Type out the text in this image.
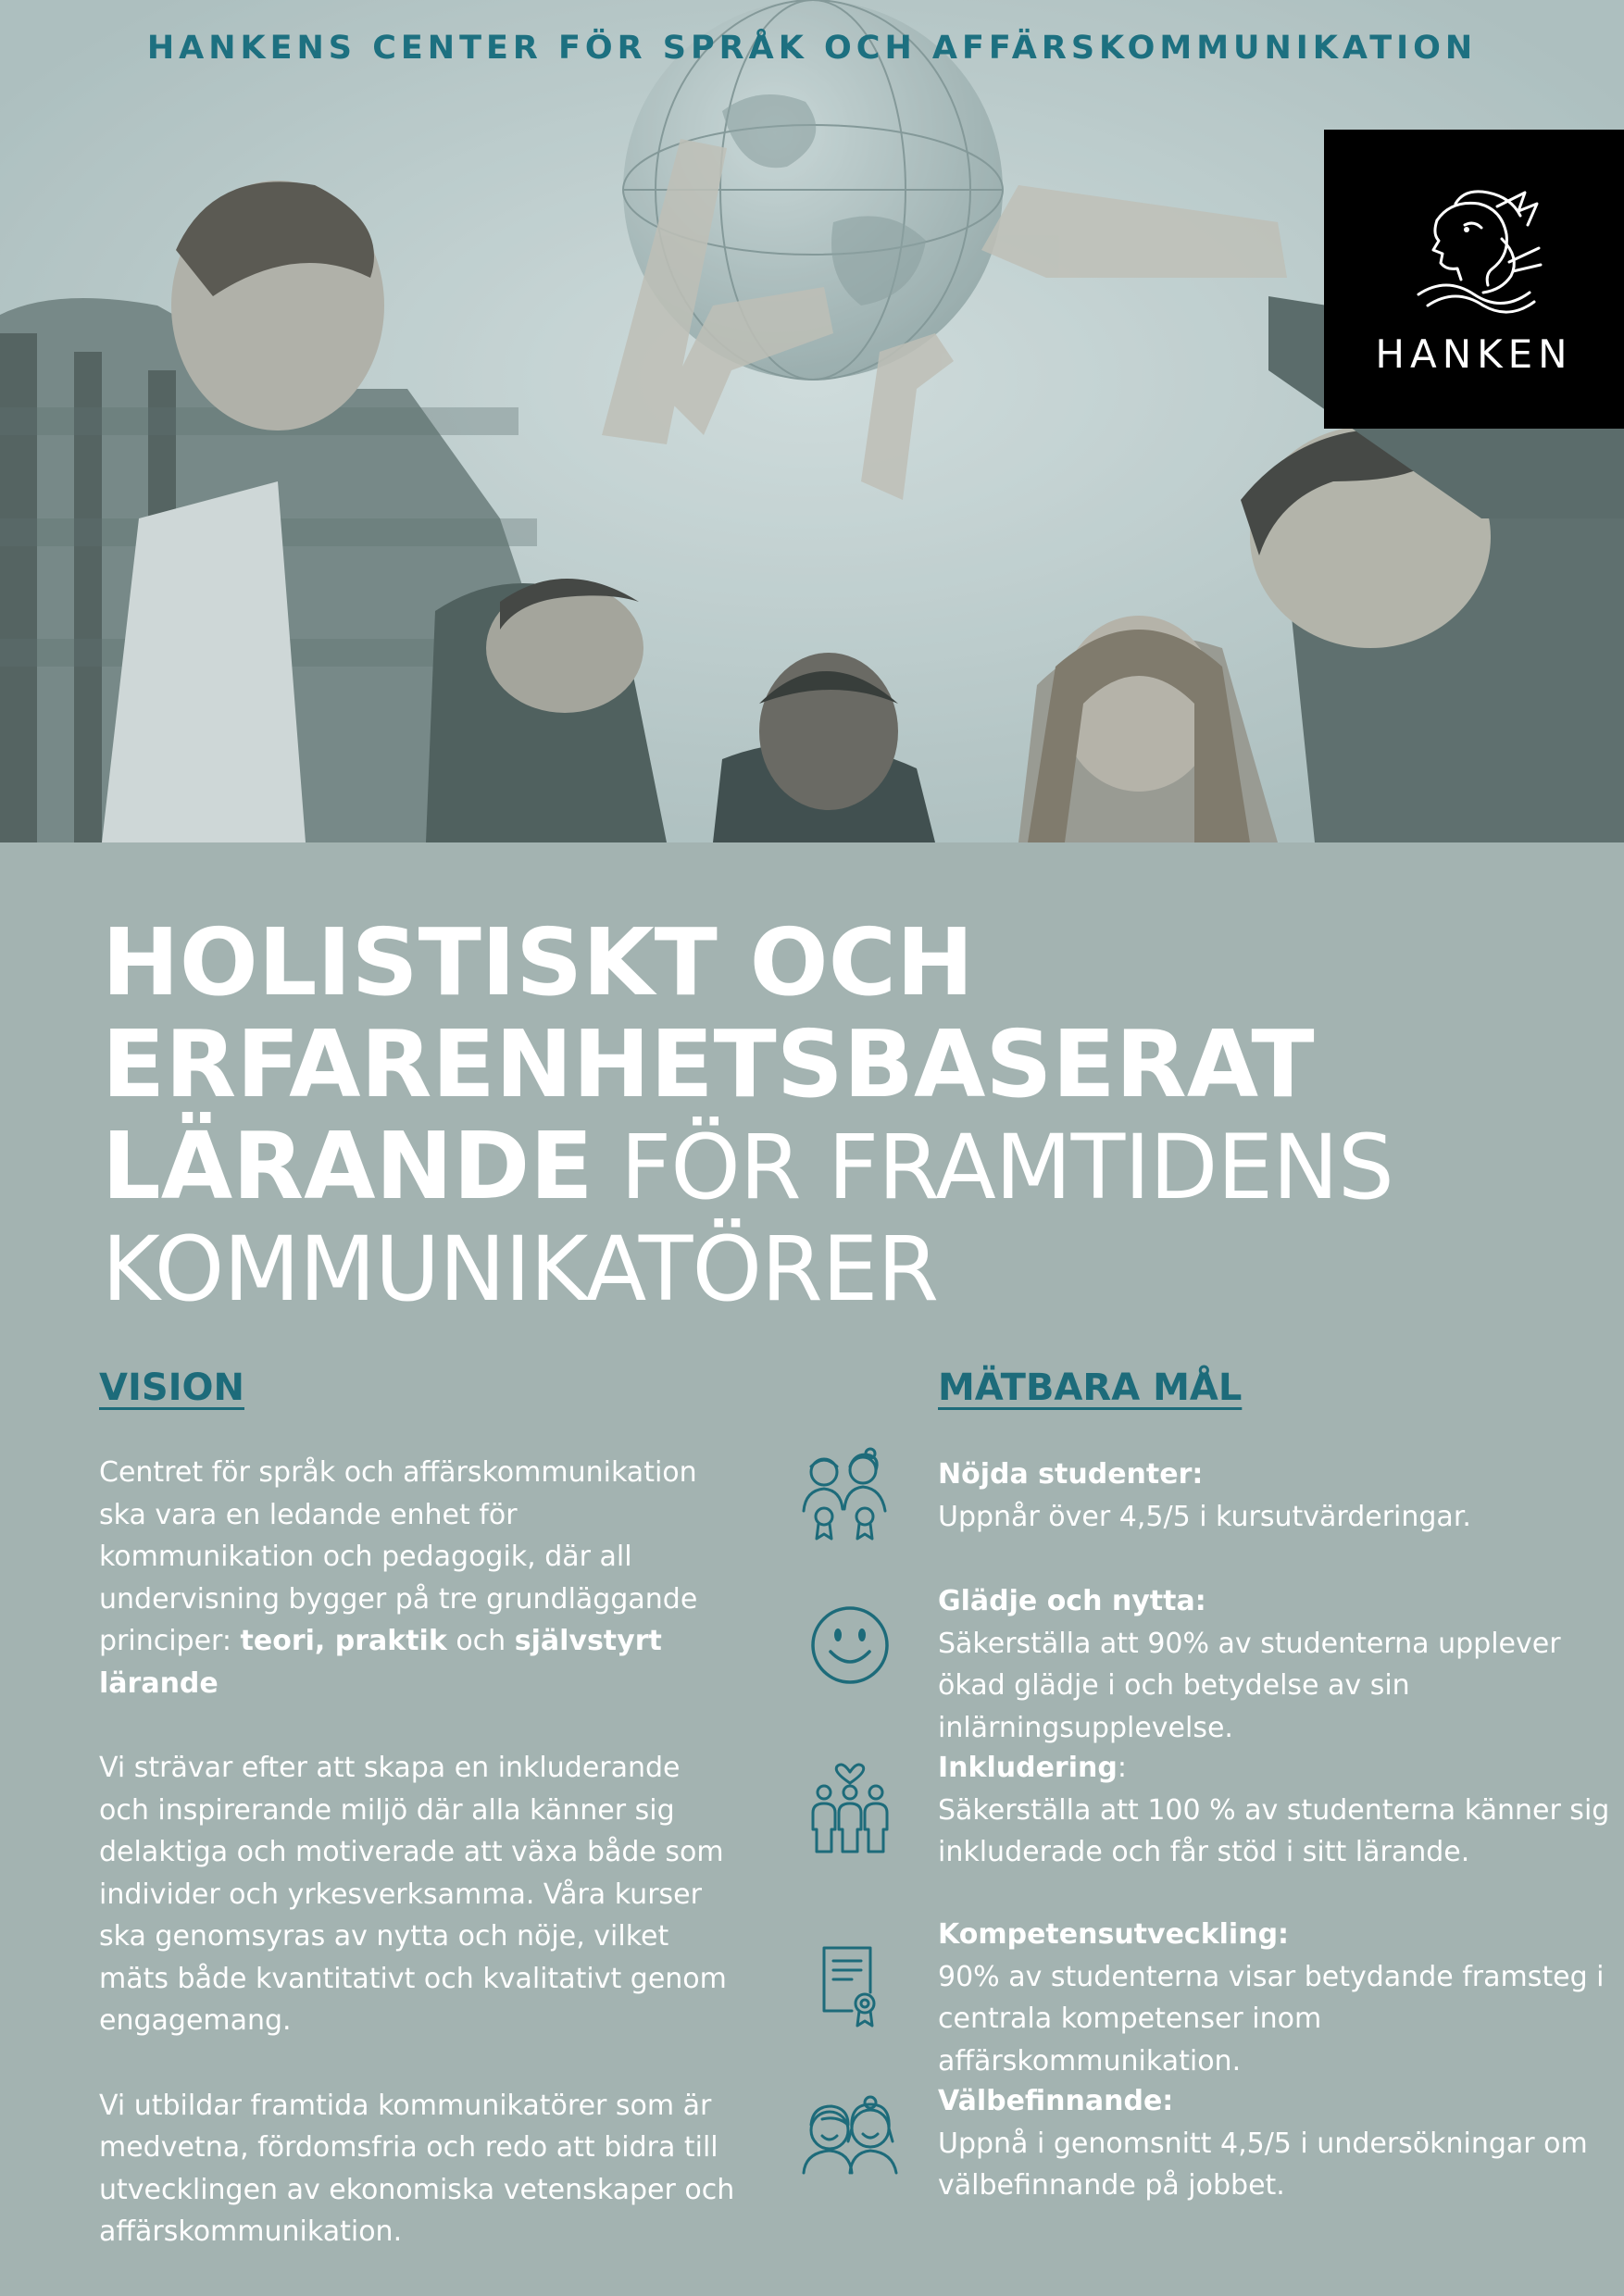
HANKENS CENTER FÖR SPRÅK OCH AFFÄRSKOMMUNIKATION
HANKEN
HOLISTISKT OCH
ERFARENHETSBASERAT
LÄRANDE FÖR FRAMTIDENS
KOMMUNIKATÖRER
VISION

Centret för språk och affärskommunikation ska vara en ledande enhet för kommunikation och pedagogik, där all undervisning bygger på tre grundläggande principer: teori, praktik och självstyrt lärande

Vi strävar efter att skapa en inkluderande och inspirerande miljö där alla känner sig delaktiga och motiverade att växa både som individer och yrkesverksamma. Våra kurser ska genomsyras av nytta och nöje, vilket mäts både kvantitativt och kvalitativt genom engagemang.

Vi utbildar framtida kommunikatörer som är medvetna, fördomsfria och redo att bidra till utvecklingen av ekonomiska vetenskaper och affärskommunikation.

MÄTBARA MÅL
Nöjda studenter:
Uppnår över 4,5/5 i kursutvärderingar.
Glädje och nytta:
Säkerställa att 90% av studenterna upplever ökad glädje i och betydelse av sin inlärningsupplevelse.
Inkludering:
Säkerställa att 100 % av studenterna känner sig inkluderade och får stöd i sitt lärande.
Kompetensutveckling:
90% av studenterna visar betydande framsteg i centrala kompetenser inom affärskommunikation.
Välbefinnande:
Uppnå i genomsnitt 4,5/5 i undersökningar om välbefinnande på jobbet.
